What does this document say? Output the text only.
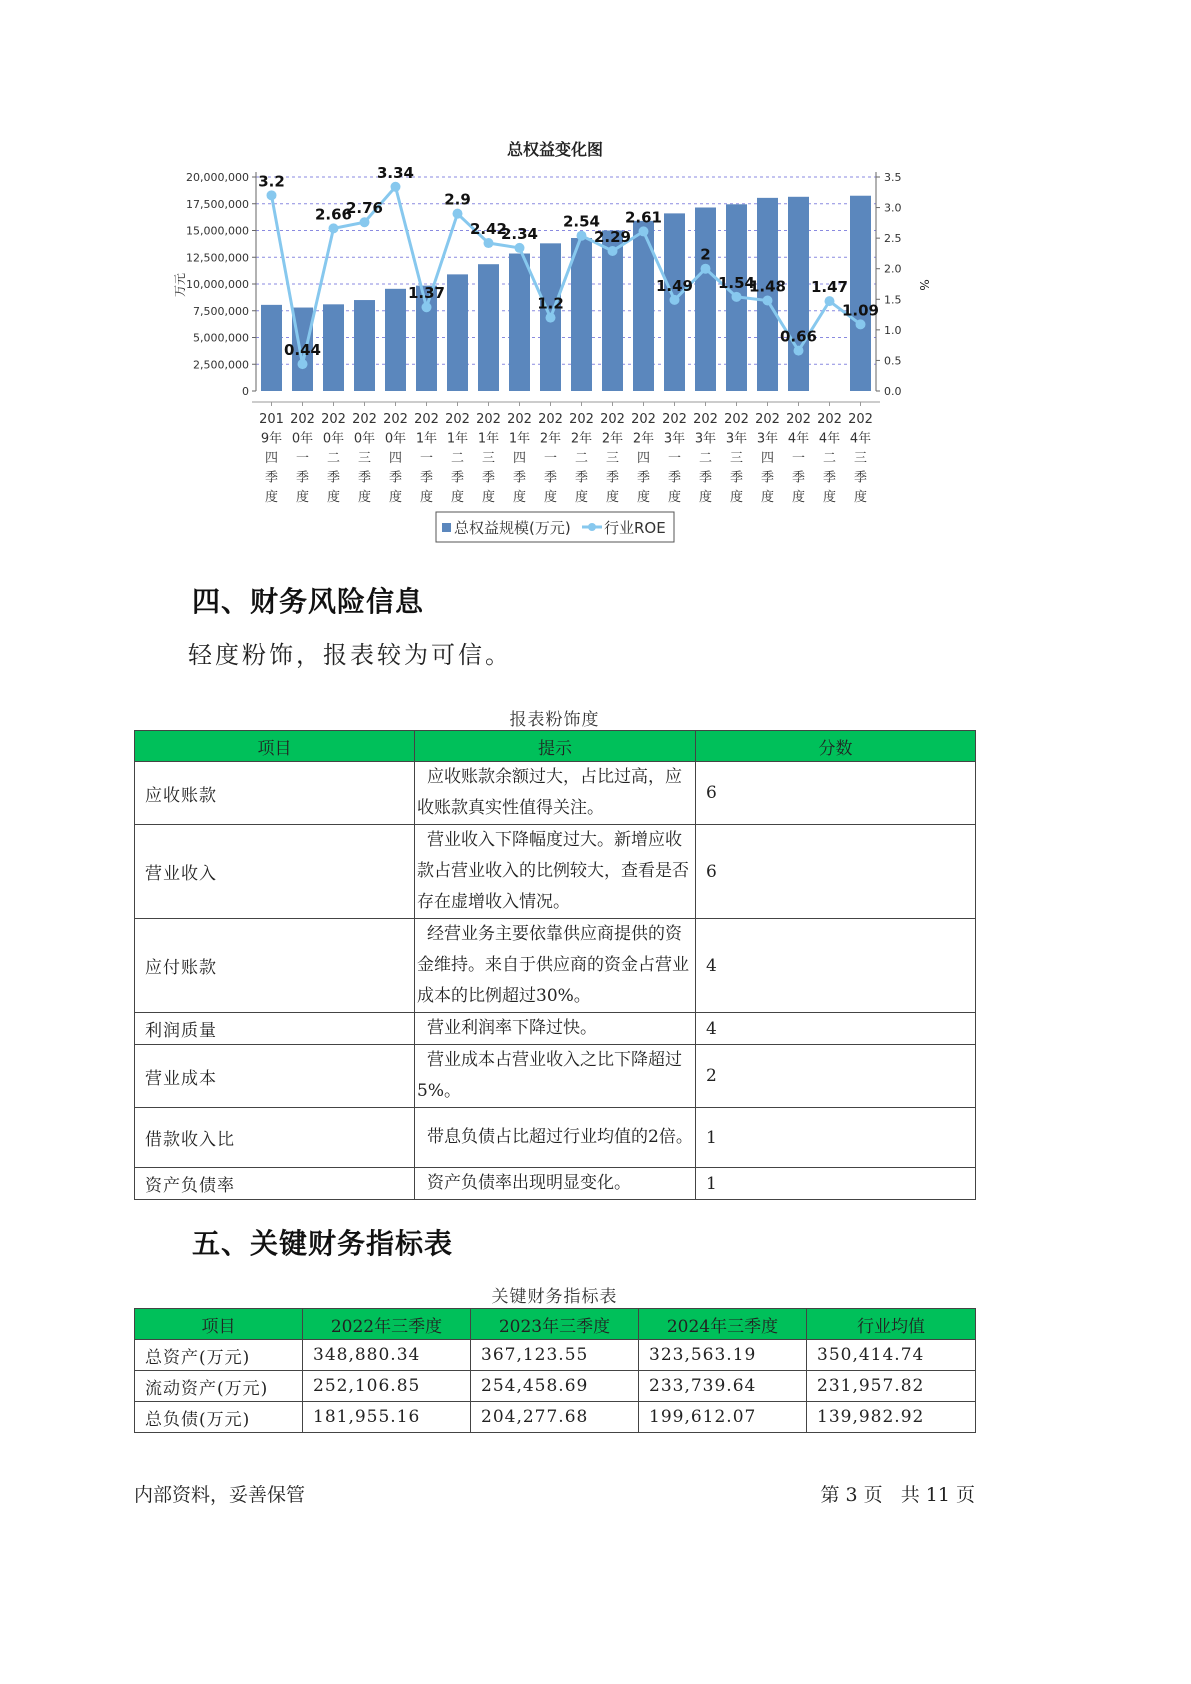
总权益变化图
万元	%
0
2,500,000
5,000,000
7,500,000
10,000,000
12,500,000
15,000,000
17,500,000
20,000,000
0.0
0.5
1.0
1.5
2.0
2.5
3.0
3.5
3.2
0.44
2.66
2.76
3.34
1.37
2.9
2.42
2.34
1.2
2.54
2.29
2.61
1.49
2
1.54
1.48
0.66
1.47
1.09
201
9年
四
季
度
202
0年
一
季
度
202
0年
二
季
度
202
0年
三
季
度
202
0年
四
季
度
202
1年
一
季
度
202
1年
二
季
度
202
1年
三
季
度
202
1年
四
季
度
202
2年
一
季
度
202
2年
二
季
度
202
2年
三
季
度
202
2年
四
季
度
202
3年
一
季
度
202
3年
二
季
度
202
3年
三
季
度
202
3年
四
季
度
202
4年
一
季
度
202
4年
二
季
度
202
4年
三
季
度
总权益规模(万元) 行业ROE
四、财务风险信息
轻度粉饰，报表较为可信。
报表粉饰度
项目	提示	分数
应收账款	应收账款余额过大，占比过高，应收账款真实性值得关注。	6
营业收入	营业收入下降幅度过大。新增应收款占营业收入的比例较大，查看是否存在虚增收入情况。	6
应付账款	经营业务主要依靠供应商提供的资金维持。来自于供应商的资金占营业成本的比例超过30%。	4
利润质量	营业利润率下降过快。	4
营业成本	营业成本占营业收入之比下降超过5%。	2
借款收入比	带息负债占比超过行业均值的2倍。	1
资产负债率	资产负债率出现明显变化。	1
五、关键财务指标表
关键财务指标表
项目	2022年三季度	2023年三季度	2024年三季度	行业均值
总资产(万元)	348,880.34	367,123.55	323,563.19	350,414.74
流动资产(万元)	252,106.85	254,458.69	233,739.64	231,957.82
总负债(万元)	181,955.16	204,277.68	199,612.07	139,982.92
内部资料，妥善保管	第 3 页   共 11 页
